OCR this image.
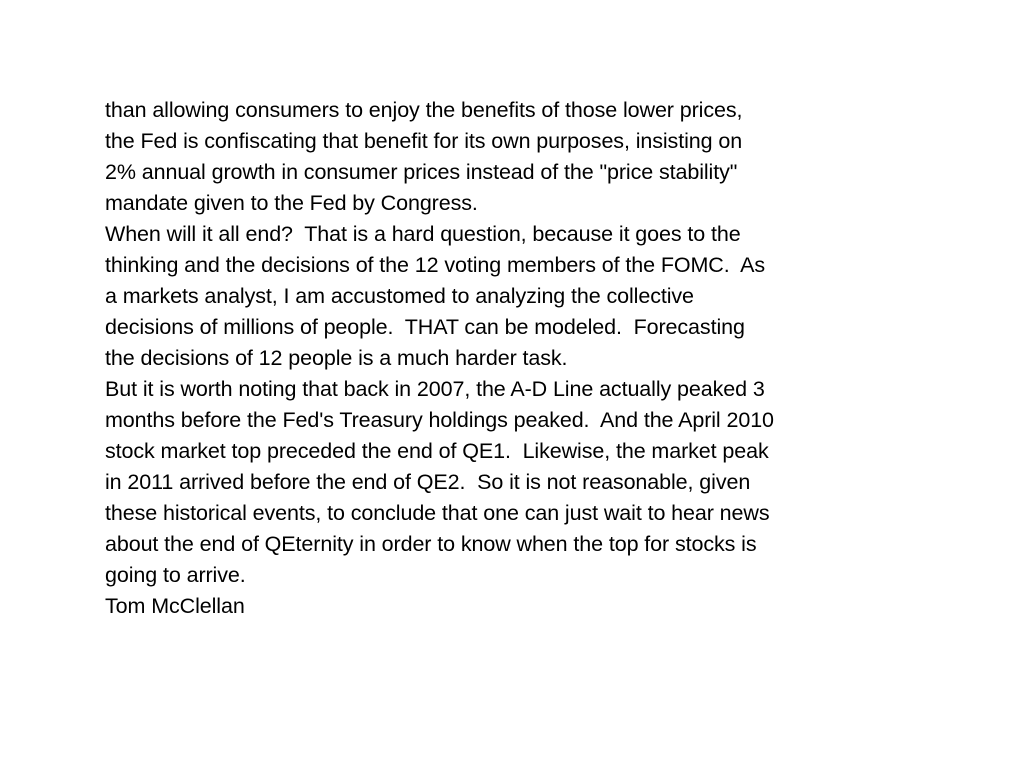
than allowing consumers to enjoy the benefits of those lower prices,
the Fed is confiscating that benefit for its own purposes, insisting on
2% annual growth in consumer prices instead of the "price stability"
mandate given to the Fed by Congress.
When will it all end?  That is a hard question, because it goes to the
thinking and the decisions of the 12 voting members of the FOMC.  As
a markets analyst, I am accustomed to analyzing the collective
decisions of millions of people.  THAT can be modeled.  Forecasting
the decisions of 12 people is a much harder task.
But it is worth noting that back in 2007, the A-D Line actually peaked 3
months before the Fed's Treasury holdings peaked.  And the April 2010
stock market top preceded the end of QE1.  Likewise, the market peak
in 2011 arrived before the end of QE2.  So it is not reasonable, given
these historical events, to conclude that one can just wait to hear news
about the end of QEternity in order to know when the top for stocks is
going to arrive.
Tom McClellan
